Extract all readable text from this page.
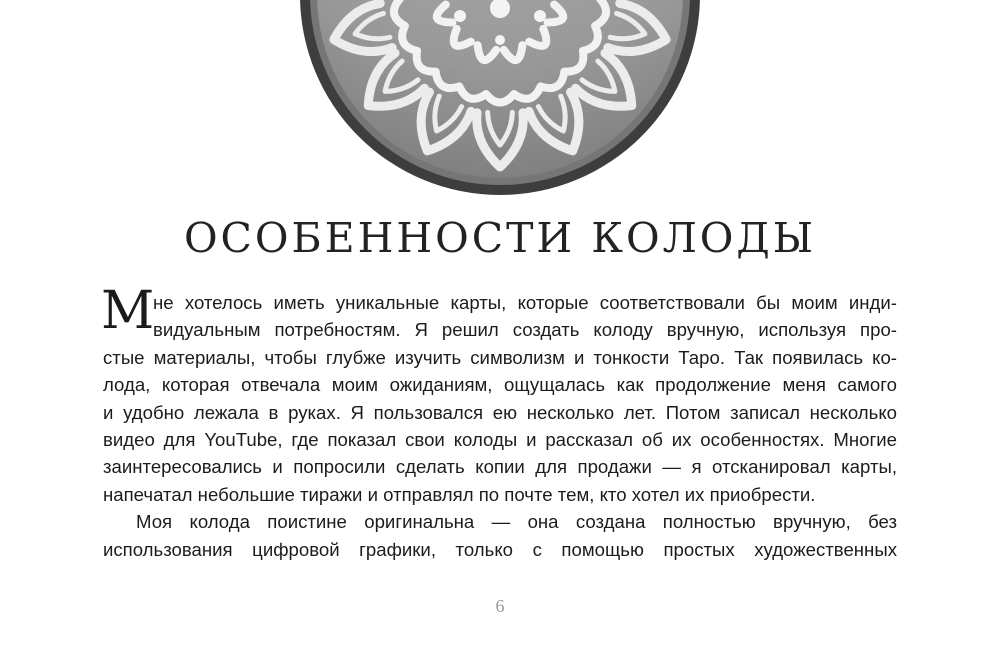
ОСОБЕННОСТИ КОЛОДЫ
М
не хотелось иметь уникальные карты, которые соответствовали бы моим инди-
видуальным потребностям. Я решил создать колоду вручную, используя про-
стые материалы, чтобы глубже изучить символизм и тонкости Таро. Так появилась ко-
лода, которая отвечала моим ожиданиям, ощущалась как продолжение меня самого
и удобно лежала в руках. Я пользовался ею несколько лет. Потом записал несколько
видео для YouTube, где показал свои колоды и рассказал об их особенностях. Многие
заинтересовались и попросили сделать копии для продажи — я отсканировал карты,
напечатал небольшие тиражи и отправлял по почте тем, кто хотел их приобрести.
Моя колода поистине оригинальна — она создана полностью вручную, без
использования цифровой графики, только с помощью простых художественных
6
